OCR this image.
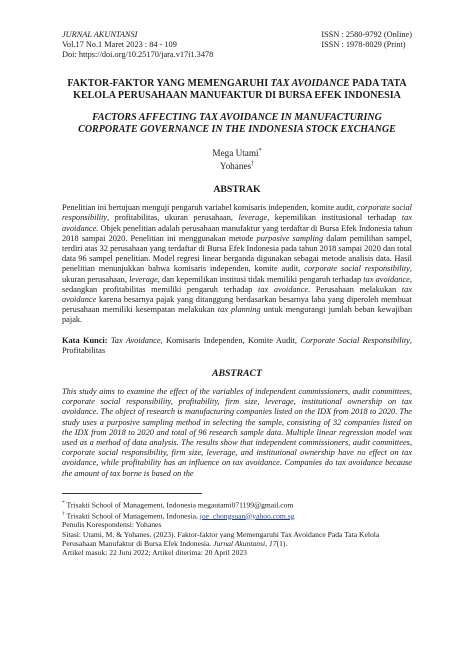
JURNAL AKUNTANSI
Vol.17 No.1 Maret 2023 : 84 - 109
Doi: https://doi.org/10.25170/jara.v17i1.3478
ISSN : 2580-9792 (Online)
ISSN : 1978-8029 (Print)
FAKTOR-FAKTOR YANG MEMENGARUHI TAX AVOIDANCE PADA TATA KELOLA PERUSAHAAN MANUFAKTUR DI BURSA EFEK INDONESIA
FACTORS AFFECTING TAX AVOIDANCE IN MANUFACTURING CORPORATE GOVERNANCE IN THE INDONESIA STOCK EXCHANGE
Mega Utami*
Yohanes†
ABSTRAK
Penelitian ini bertujuan menguji pengaruh variabel komisaris independen, komite audit, corporate social responsibility, profitabilitas, ukuran perusahaan, leverage, kepemilikan institusional terhadap tax avoidance. Objek penelitian adalah perusahaan manufaktur yang terdaftar di Bursa Efek Indonesia tahun 2018 sampai 2020. Penelitian ini menggunakan metode purposive sampling dalam pemilihan sampel, terdiri atas 32 perusahaan yang terdaftar di Bursa Efek Indonesia pada tahun 2018 sampai 2020 dan total data 96 sampel penelitian. Model regresi linear berganda digunakan sebagai metode analisis data. Hasil penelitian menunjukkan bahwa komisaris independen, komite audit, corporate social responsibility, ukuran perusahaan, leverage, dan kepemilikan institusi tidak memiliki pengaruh terhadap tax avoidance, sedangkan profitabilitas memiliki pengaruh terhadap tax avoidance. Perusahaan melakukan tax avoidance karena besarnya pajak yang ditanggung berdasarkan besarnya laba yang diperoleh membuat perusahaan memiliki kesempatan melakukan tax planning untuk mengurangi jumlah beban kewajiban pajak.
Kata Kunci: Tax Avoidance, Komisaris Independen, Komite Audit, Corporate Social Responsibility, Profitabilitas
ABSTRACT
This study aims to examine the effect of the variables of independent commissioners, audit committees, corporate social responsibility, profitability, firm size, leverage, institutional ownership on tax avoidance. The object of research is manufacturing companies listed on the IDX from 2018 to 2020. The study uses a purposive sampling method in selecting the sample, consisting of 32 companies listed on the IDX from 2018 to 2020 and total of 96 research sample data. Multiple linear regression model was used as a method of data analysis. The results show that independent commissioners, audit committees, corporate social responsibility, firm size, leverage, and institutional ownership have no effect on tax avoidance, while profitability has an influence on tax avoidance. Companies do tax avoidance because the amount of tax borne is based on the
* Trisakti School of Management, Indonesia megautami071199@gmail.com
† Trisakti School of Management, Indonesia, joe_chongsuan@yahoo.com.sg
Penulis Korespondensi: Yohanes
Sitasi: Utami, M. & Yohanes. (2023). Faktor-faktor yang Memengaruhi Tax Avoidance Pada Tata Kelola Perusahaan Manufaktur di Bursa Efek Indonesia. Jurnal Akuntansi, 17(1).
Artikel masuk: 22 Juni 2022; Artikel diterima: 20 April 2023
